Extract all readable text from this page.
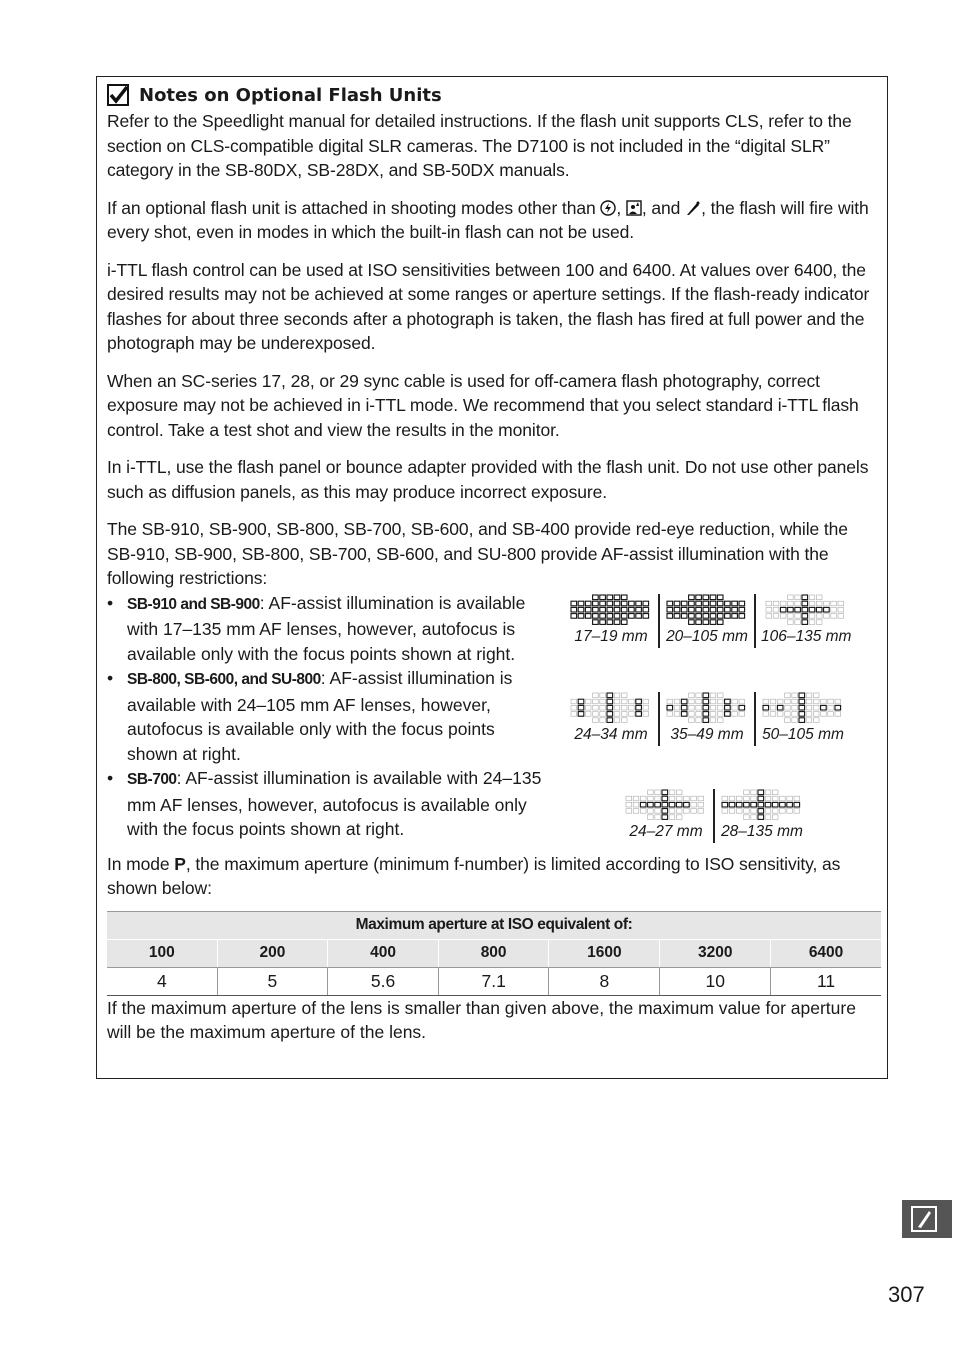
Notes on Optional Flash Units

Refer to the Speedlight manual for detailed instructions. If the flash unit supports CLS, refer to the section on CLS-compatible digital SLR cameras. The D7100 is not included in the “digital SLR” category in the SB-80DX, SB-28DX, and SB-50DX manuals.

If an optional flash unit is attached in shooting modes other than , , and , the flash will fire with every shot, even in modes in which the built-in flash can not be used.

i-TTL flash control can be used at ISO sensitivities between 100 and 6400. At values over 6400, the desired results may not be achieved at some ranges or aperture settings. If the flash-ready indicator flashes for about three seconds after a photograph is taken, the flash has fired at full power and the photograph may be underexposed.

When an SC-series 17, 28, or 29 sync cable is used for off-camera flash photography, correct exposure may not be achieved in i-TTL mode. We recommend that you select standard i-TTL flash control. Take a test shot and view the results in the monitor.

In i-TTL, use the flash panel or bounce adapter provided with the flash unit. Do not use other panels such as diffusion panels, as this may produce incorrect exposure.

The SB-910, SB-900, SB-800, SB-700, SB-600, and SB-400 provide red-eye reduction, while the SB-910, SB-900, SB-800, SB-700, SB-600, and SU-800 provide AF-assist illumination with the following restrictions:

• SB-910 and SB-900: AF-assist illumination is available with 17–135 mm AF lenses, however, autofocus is available only with the focus points shown at right.
• SB-800, SB-600, and SU-800: AF-assist illumination is available with 24–105 mm AF lenses, however, autofocus is available only with the focus points shown at right.
• SB-700: AF-assist illumination is available with 24–135 mm AF lenses, however, autofocus is available only with the focus points shown at right.
17–19 mm 20–105 mm 106–135 mm
24–34 mm 35–49 mm 50–105 mm
24–27 mm 28–135 mm

In mode P, the maximum aperture (minimum f-number) is limited according to ISO sensitivity, as shown below:

Maximum aperture at ISO equivalent of:						
100	200	400	800	1600	3200	6400
4	5	5.6	7.1	8	10	11

If the maximum aperture of the lens is smaller than given above, the maximum value for aperture will be the maximum aperture of the lens.

307
